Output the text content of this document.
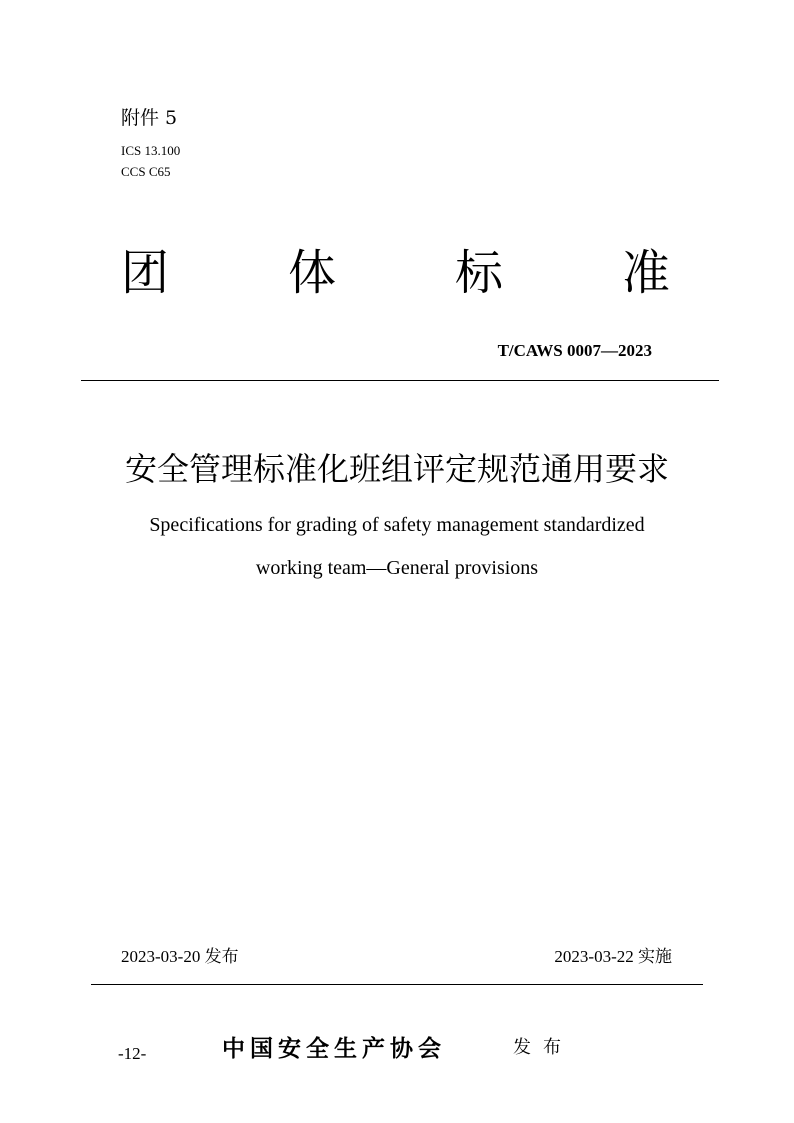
附件 5
ICS 13.100
CCS C65
团 体 标 准
T/CAWS 0007—2023
安全管理标准化班组评定规范通用要求
Specifications for grading of safety management standardized
working team—General provisions
2023-03-20 发布	2023-03-22 实施
-12-	中国安全生产协会	发布
